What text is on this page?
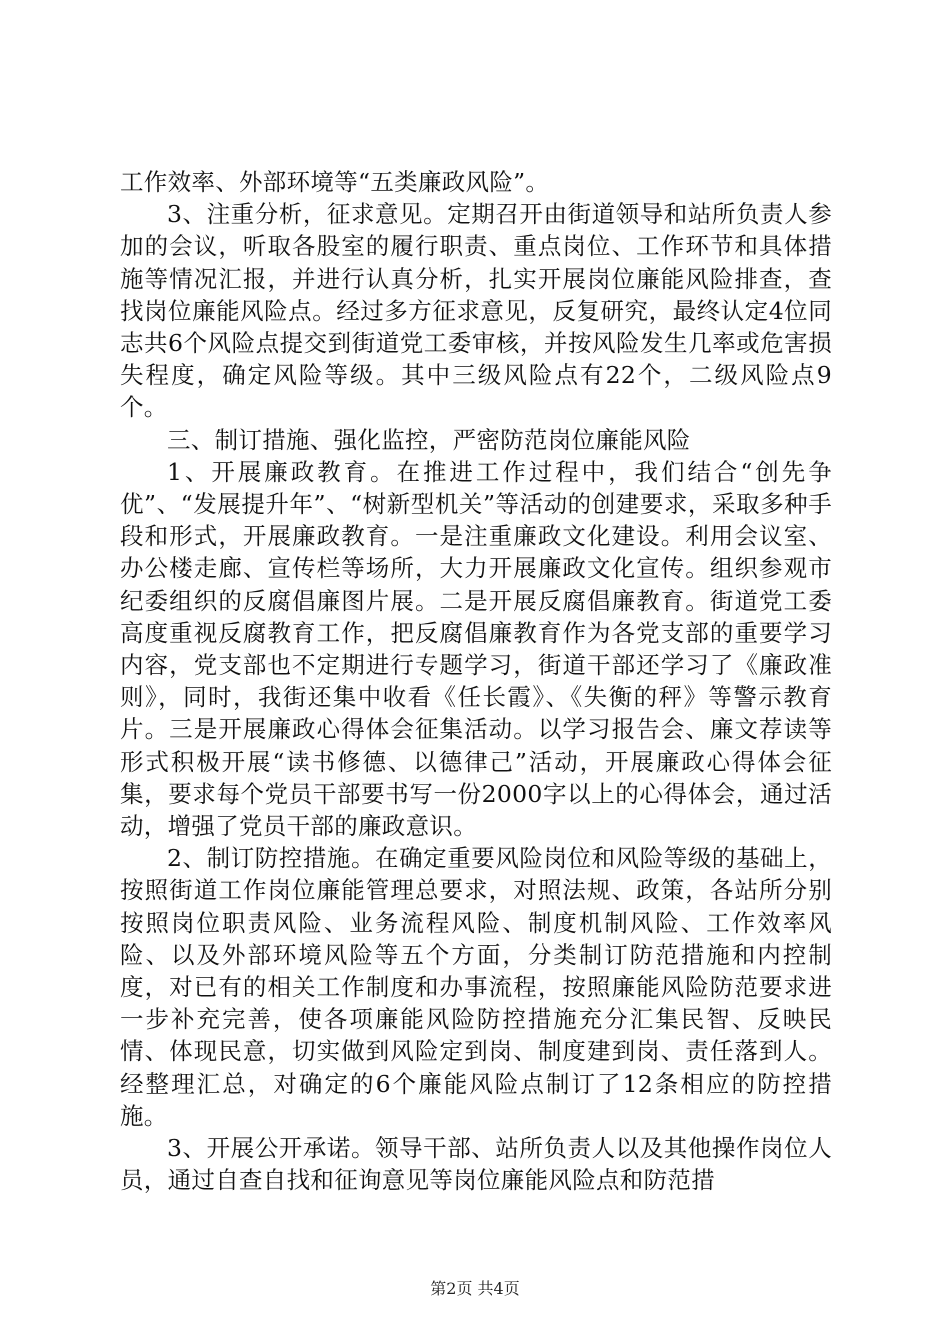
工作效率、外部环境等“五类廉政风险”。

3、注重分析，征求意见。定期召开由街道领导和站所负责人参加的会议，听取各股室的履行职责、重点岗位、工作环节和具体措施等情况汇报，并进行认真分析，扎实开展岗位廉能风险排查，查找岗位廉能风险点。经过多方征求意见，反复研究，最终认定4位同志共6个风险点提交到街道党工委审核，并按风险发生几率或危害损失程度，确定风险等级。其中三级风险点有22个，二级风险点9个。

三、制订措施、强化监控，严密防范岗位廉能风险

1、开展廉政教育。在推进工作过程中，我们结合“创先争优”、“发展提升年”、“树新型机关”等活动的创建要求，采取多种手段和形式，开展廉政教育。一是注重廉政文化建设。利用会议室、办公楼走廊、宣传栏等场所，大力开展廉政文化宣传。组织参观市纪委组织的反腐倡廉图片展。二是开展反腐倡廉教育。街道党工委高度重视反腐教育工作，把反腐倡廉教育作为各党支部的重要学习内容，党支部也不定期进行专题学习，街道干部还学习了《廉政准则》，同时，我街还集中收看《任长霞》、《失衡的秤》等警示教育片。三是开展廉政心得体会征集活动。以学习报告会、廉文荐读等形式积极开展“读书修德、以德律己”活动，开展廉政心得体会征集，要求每个党员干部要书写一份2000字以上的心得体会，通过活动，增强了党员干部的廉政意识。

2、制订防控措施。在确定重要风险岗位和风险等级的基础上，按照街道工作岗位廉能管理总要求，对照法规、政策，各站所分别按照岗位职责风险、业务流程风险、制度机制风险、工作效率风险、以及外部环境风险等五个方面，分类制订防范措施和内控制度，对已有的相关工作制度和办事流程，按照廉能风险防范要求进一步补充完善，使各项廉能风险防控措施充分汇集民智、反映民情、体现民意，切实做到风险定到岗、制度建到岗、责任落到人。经整理汇总，对确定的6个廉能风险点制订了12条相应的防控措施。

3、开展公开承诺。领导干部、站所负责人以及其他操作岗位人员，通过自查自找和征询意见等岗位廉能风险点和防范措

第2页 共4页
